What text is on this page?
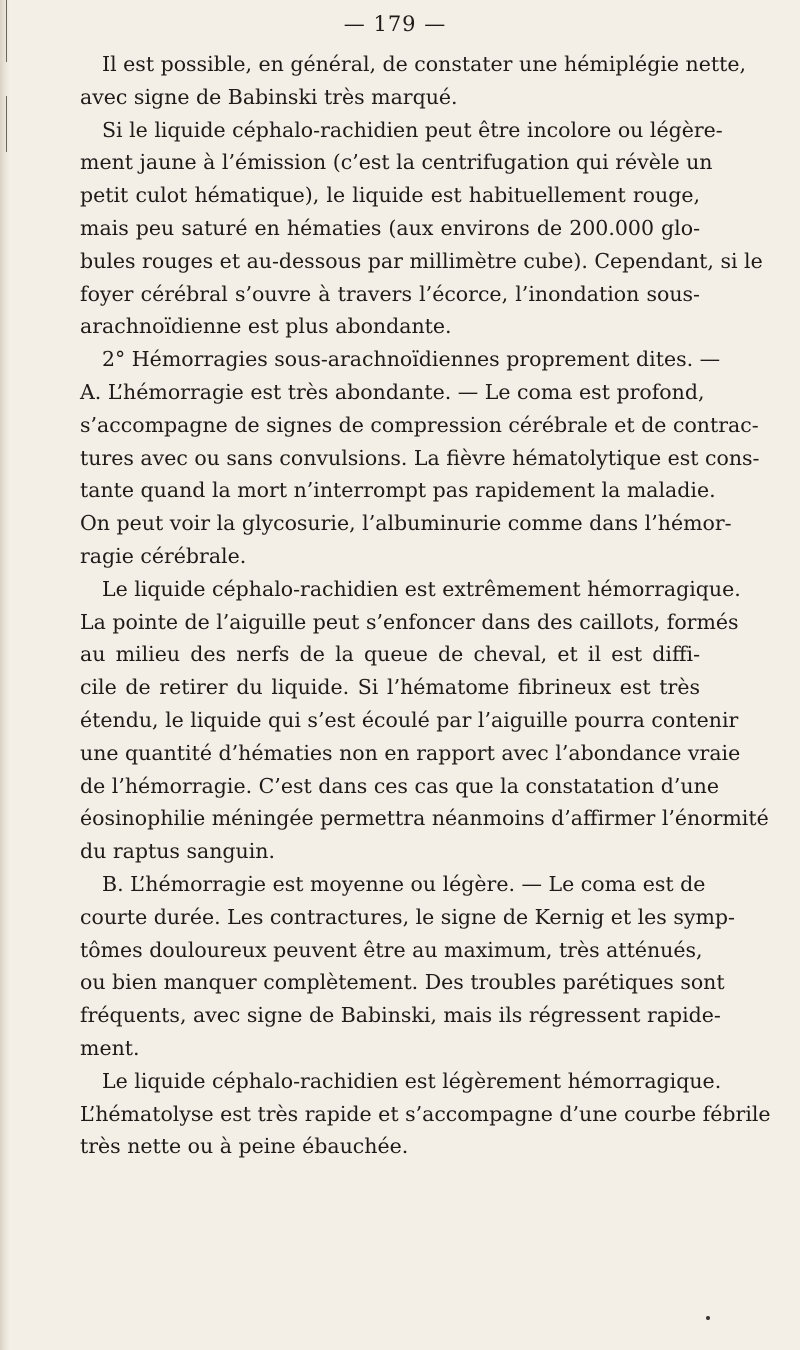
— 179 —
Il est possible, en général, de constater une hémiplégie nette,
avec signe de Babinski très marqué.
Si le liquide céphalo-rachidien peut être incolore ou légère-
ment jaune à l’émission (c’est la centrifugation qui révèle un
petit culot hématique), le liquide est habituellement rouge,
mais peu saturé en hématies (aux environs de 200.000 glo-
bules rouges et au-dessous par millimètre cube). Cependant, si le
foyer cérébral s’ouvre à travers l’écorce, l’inondation sous-
arachnoïdienne est plus abondante.
2° Hémorragies sous-arachnoïdiennes proprement dites. —
A. L’hémorragie est très abondante. — Le coma est profond,
s’accompagne de signes de compression cérébrale et de contrac-
tures avec ou sans convulsions. La fièvre hématolytique est cons-
tante quand la mort n’interrompt pas rapidement la maladie.
On peut voir la glycosurie, l’albuminurie comme dans l’hémor-
ragie cérébrale.
Le liquide céphalo-rachidien est extrêmement hémorragique.
La pointe de l’aiguille peut s’enfoncer dans des caillots, formés
au milieu des nerfs de la queue de cheval, et il est diffi-
cile de retirer du liquide. Si l’hématome fibrineux est très
étendu, le liquide qui s’est écoulé par l’aiguille pourra contenir
une quantité d’hématies non en rapport avec l’abondance vraie
de l’hémorragie. C’est dans ces cas que la constatation d’une
éosinophilie méningée permettra néanmoins d’affirmer l’énormité
du raptus sanguin.
B. L’hémorragie est moyenne ou légère. — Le coma est de
courte durée. Les contractures, le signe de Kernig et les symp-
tômes douloureux peuvent être au maximum, très atténués,
ou bien manquer complètement. Des troubles parétiques sont
fréquents, avec signe de Babinski, mais ils régressent rapide-
ment.
Le liquide céphalo-rachidien est légèrement hémorragique.
L’hématolyse est très rapide et s’accompagne d’une courbe fébrile
très nette ou à peine ébauchée.
